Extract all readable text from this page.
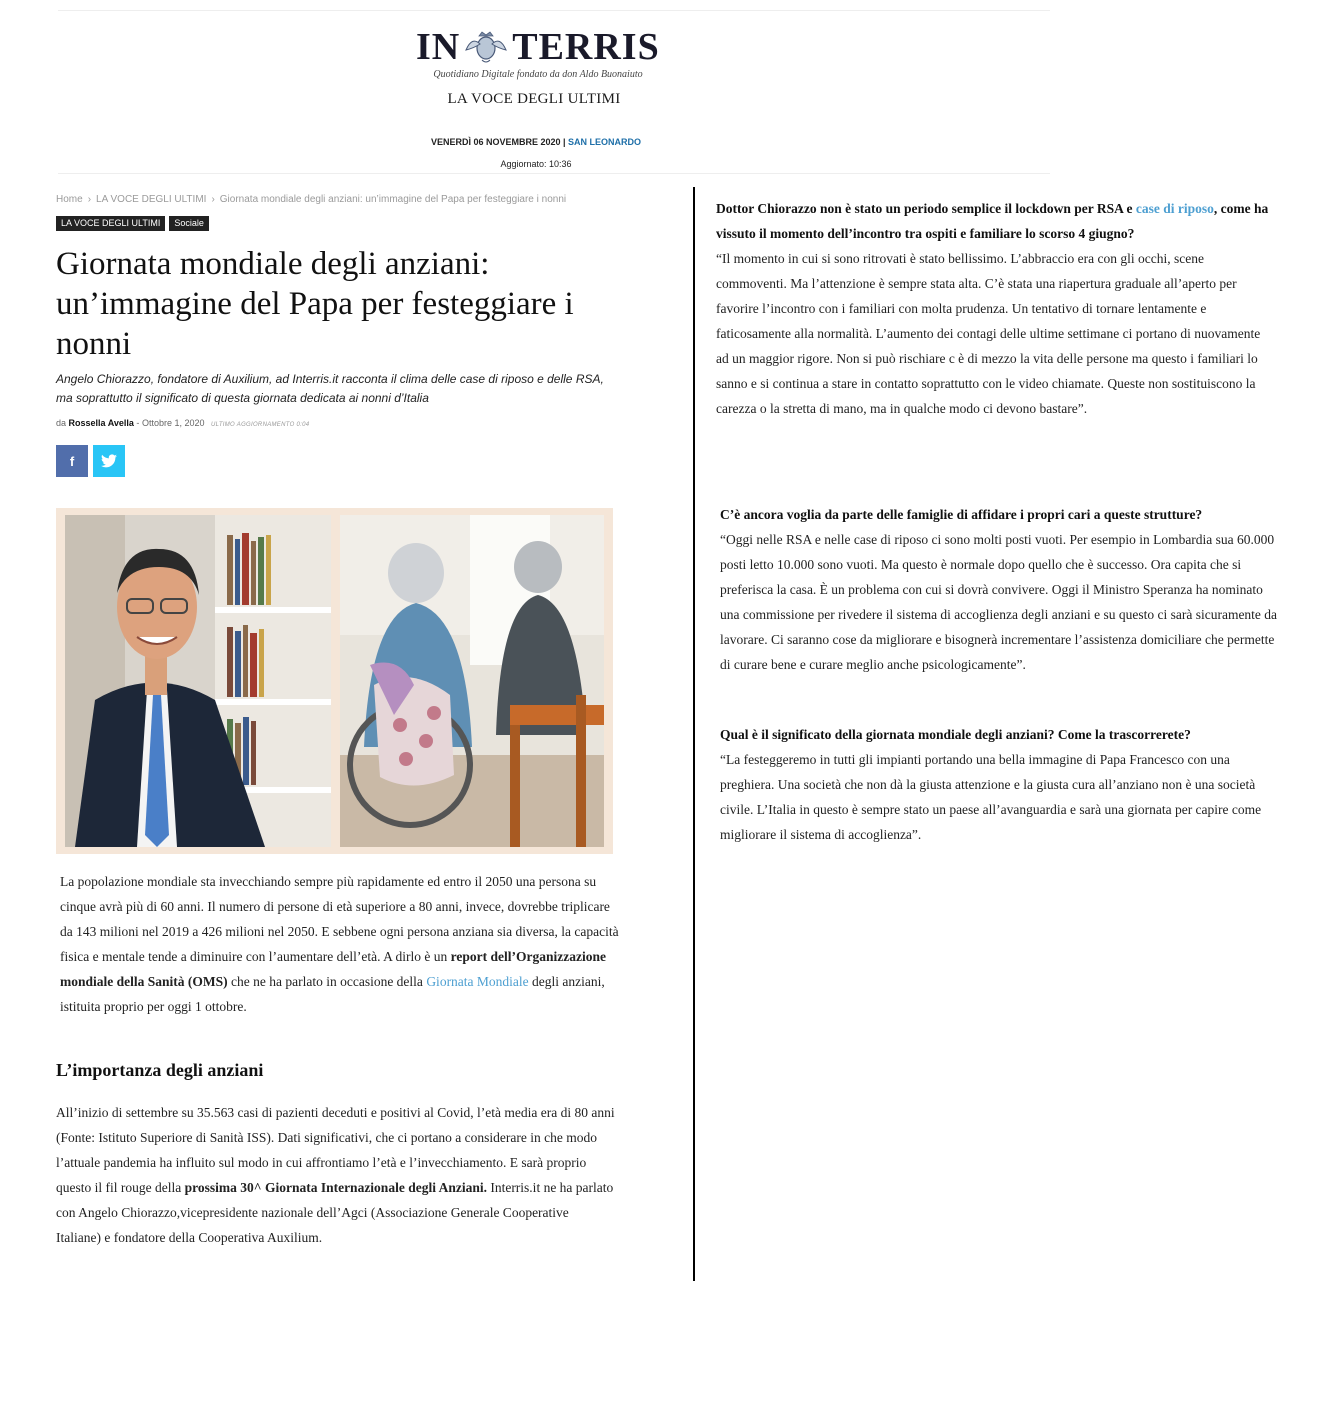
IN TERRIS
Quotidiano Digitale fondato da don Aldo Buonaiuto
LA VOCE DEGLI ULTIMI
VENERDÌ 06 NOVEMBRE 2020 | SAN LEONARDO
Aggiornato: 10:36
Home › LA VOCE DEGLI ULTIMI › Giornata mondiale degli anziani: un’immagine del Papa per festeggiare i nonni
LA VOCE DEGLI ULTIMI	Sociale
Giornata mondiale degli anziani: un’immagine del Papa per festeggiare i nonni

Angelo Chiorazzo, fondatore di Auxilium, ad Interris.it racconta il clima delle case di riposo e delle RSA, ma soprattutto il significato di questa giornata dedicata ai nonni d’Italia

da Rossella Avella - Ottobre 1, 2020 ULTIMO AGGIORNAMENTO 0:04
f

La popolazione mondiale sta invecchiando sempre più rapidamente ed entro il 2050 una persona su cinque avrà più di 60 anni. Il numero di persone di età superiore a 80 anni, invece, dovrebbe triplicare da 143 milioni nel 2019 a 426 milioni nel 2050. E sebbene ogni persona anziana sia diversa, la capacità fisica e mentale tende a diminuire con l’aumentare dell’età. A dirlo è un report dell’Organizzazione mondiale della Sanità (OMS) che ne ha parlato in occasione della Giornata Mondiale degli anziani, istituita proprio per oggi 1 ottobre.

L’importanza degli anziani

All’inizio di settembre su 35.563 casi di pazienti deceduti e positivi al Covid, l’età media era di 80 anni (Fonte: Istituto Superiore di Sanità ISS). Dati significativi, che ci portano a considerare in che modo l’attuale pandemia ha influito sul modo in cui affrontiamo l’età e l’invecchiamento. E sarà proprio questo il fil rouge della prossima 30^ Giornata Internazionale degli Anziani. Interris.it ne ha parlato con Angelo Chiorazzo,vicepresidente nazionale dell’Agci (Associazione Generale Cooperative Italiane) e fondatore della Cooperativa Auxilium.

Dottor Chiorazzo non è stato un periodo semplice il lockdown per RSA e case di riposo, come ha vissuto il momento dell’incontro tra ospiti e familiare lo scorso 4 giugno?

“Il momento in cui si sono ritrovati è stato bellissimo. L’abbraccio era con gli occhi, scene commoventi. Ma l’attenzione è sempre stata alta. C’è stata una riapertura graduale all’aperto per favorire l’incontro con i familiari con molta prudenza. Un tentativo di tornare lentamente e faticosamente alla normalità. L’aumento dei contagi delle ultime settimane ci portano di nuovamente ad un maggior rigore. Non si può rischiare c è di mezzo la vita delle persone ma questo i familiari lo sanno e si continua a stare in contatto soprattutto con le video chiamate. Queste non sostituiscono la carezza o la stretta di mano, ma in qualche modo ci devono bastare”.

C’è ancora voglia da parte delle famiglie di affidare i propri cari a queste strutture?

“Oggi nelle RSA e nelle case di riposo ci sono molti posti vuoti. Per esempio in Lombardia sua 60.000 posti letto 10.000 sono vuoti. Ma questo è normale dopo quello che è successo. Ora capita che si preferisca la casa. È un problema con cui si dovrà convivere. Oggi il Ministro Speranza ha nominato una commissione per rivedere il sistema di accoglienza degli anziani e su questo ci sarà sicuramente da lavorare. Ci saranno cose da migliorare e bisognerà incrementare l’assistenza domiciliare che permette di curare bene e curare meglio anche psicologicamente”.

Qual è il significato della giornata mondiale degli anziani? Come la trascorrerete?

“La festeggeremo in tutti gli impianti portando una bella immagine di Papa Francesco con una preghiera. Una società che non dà la giusta attenzione e la giusta cura all’anziano non è una società civile. L’Italia in questo è sempre stato un paese all’avanguardia e sarà una giornata per capire come migliorare il sistema di accoglienza”.
